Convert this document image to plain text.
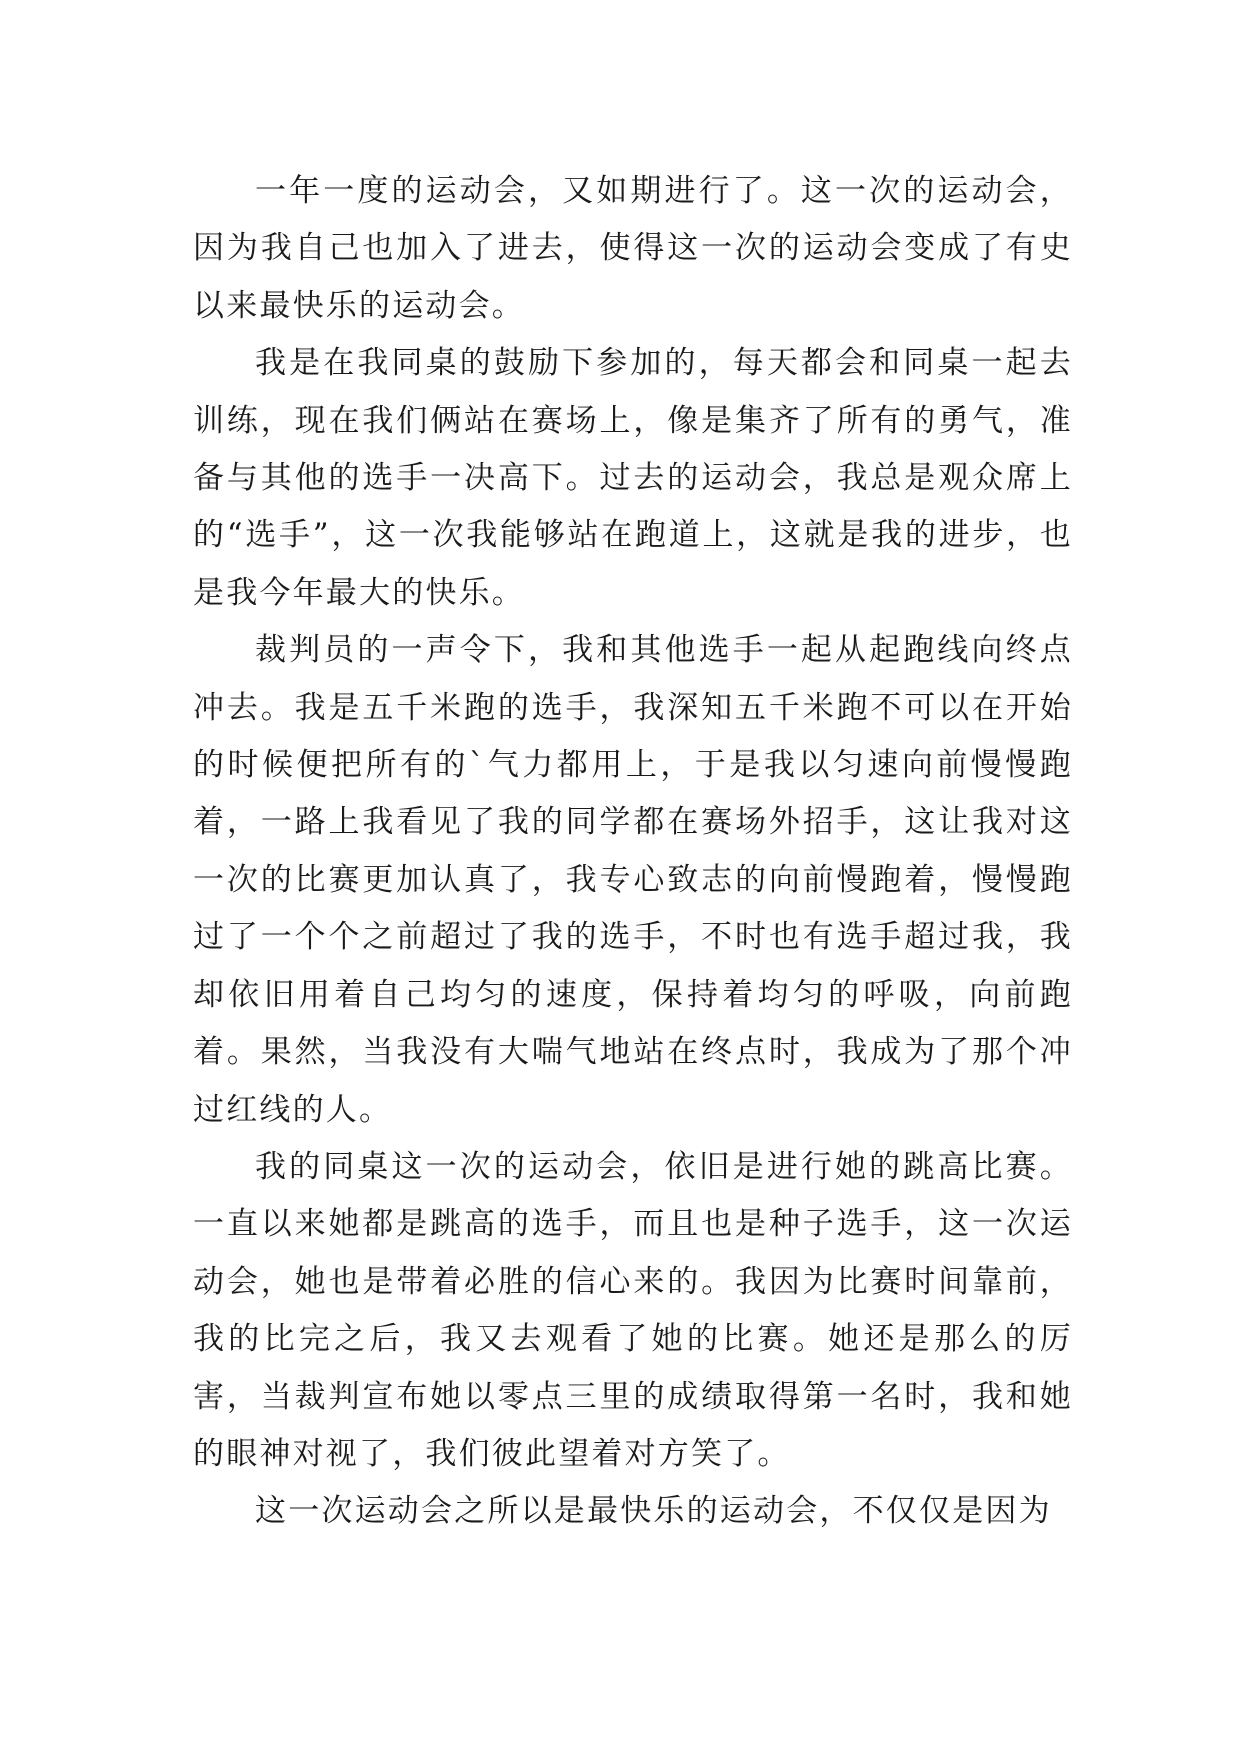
一年一度的运动会，又如期进行了。这一次的运动会，因为我自己也加入了进去，使得这一次的运动会变成了有史以来最快乐的运动会。

我是在我同桌的鼓励下参加的，每天都会和同桌一起去训练，现在我们俩站在赛场上，像是集齐了所有的勇气，准备与其他的选手一决高下。过去的运动会，我总是观众席上的“选手”，这一次我能够站在跑道上，这就是我的进步，也是我今年最大的快乐。

裁判员的一声令下，我和其他选手一起从起跑线向终点冲去。我是五千米跑的选手，我深知五千米跑不可以在开始的时候便把所有的`气力都用上，于是我以匀速向前慢慢跑着，一路上我看见了我的同学都在赛场外招手，这让我对这一次的比赛更加认真了，我专心致志的向前慢跑着，慢慢跑过了一个个之前超过了我的选手，不时也有选手超过我，我却依旧用着自己均匀的速度，保持着均匀的呼吸，向前跑着。果然，当我没有大喘气地站在终点时，我成为了那个冲过红线的人。

我的同桌这一次的运动会，依旧是进行她的跳高比赛。一直以来她都是跳高的选手，而且也是种子选手，这一次运动会，她也是带着必胜的信心来的。我因为比赛时间靠前，我的比完之后，我又去观看了她的比赛。她还是那么的厉害，当裁判宣布她以零点三里的成绩取得第一名时，我和她的眼神对视了，我们彼此望着对方笑了。

这一次运动会之所以是最快乐的运动会，不仅仅是因为
